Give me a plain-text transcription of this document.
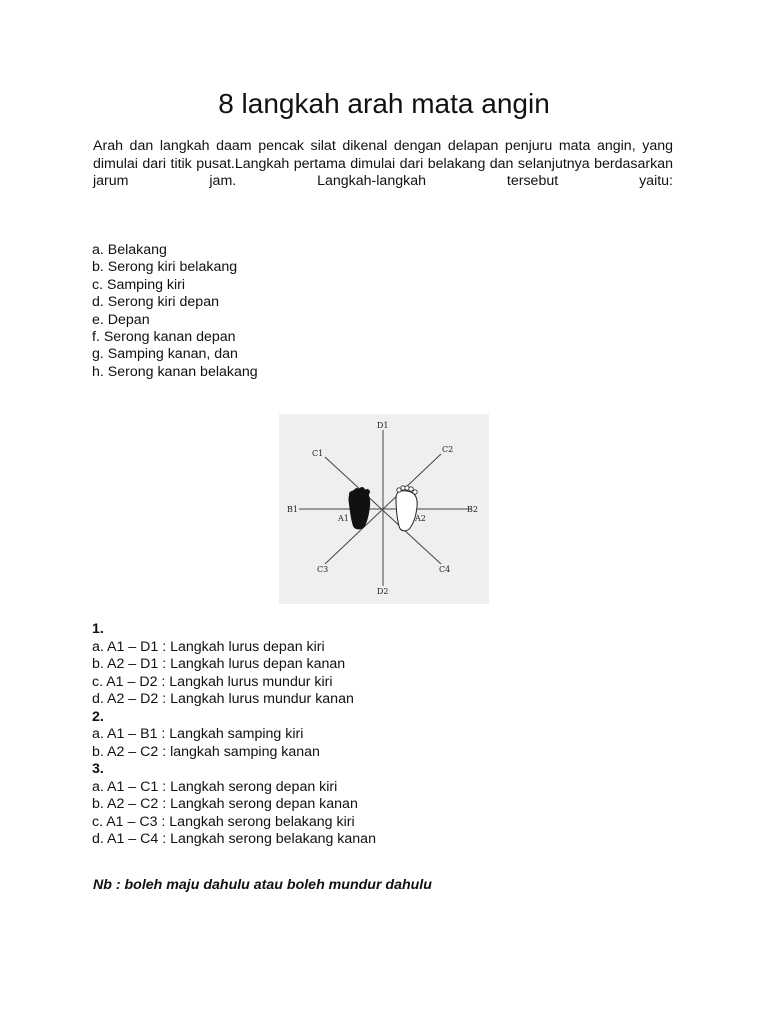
8 langkah arah mata angin

Arah dan langkah daam pencak silat dikenal dengan delapan penjuru mata angin, yang dimulai dari titik pusat.Langkah pertama dimulai dari belakang dan selanjutnya berdasarkan jarum jam. Langkah-langkah tersebut yaitu:

a. Belakang
b. Serong kiri belakang
c. Samping kiri
d. Serong kiri depan
e. Depan
f. Serong kanan depan
g. Samping kanan, dan
h. Serong kanan belakang
D1
D2
B1	B2
C1	C2
C3	C4
A1	A2
1.
a. A1 – D1 : Langkah lurus depan kiri
b. A2 – D1 : Langkah lurus depan kanan
c. A1 – D2 : Langkah lurus mundur kiri
d. A2 – D2 : Langkah lurus mundur kanan
2.
a. A1 – B1 : Langkah samping kiri
b. A2 – C2 : langkah samping kanan
3.
a. A1 – C1 : Langkah serong depan kiri
b. A2 – C2 : Langkah serong depan kanan
c. A1 – C3 : Langkah serong belakang kiri
d. A1 – C4 : Langkah serong belakang kanan

Nb : boleh maju dahulu atau boleh mundur dahulu
